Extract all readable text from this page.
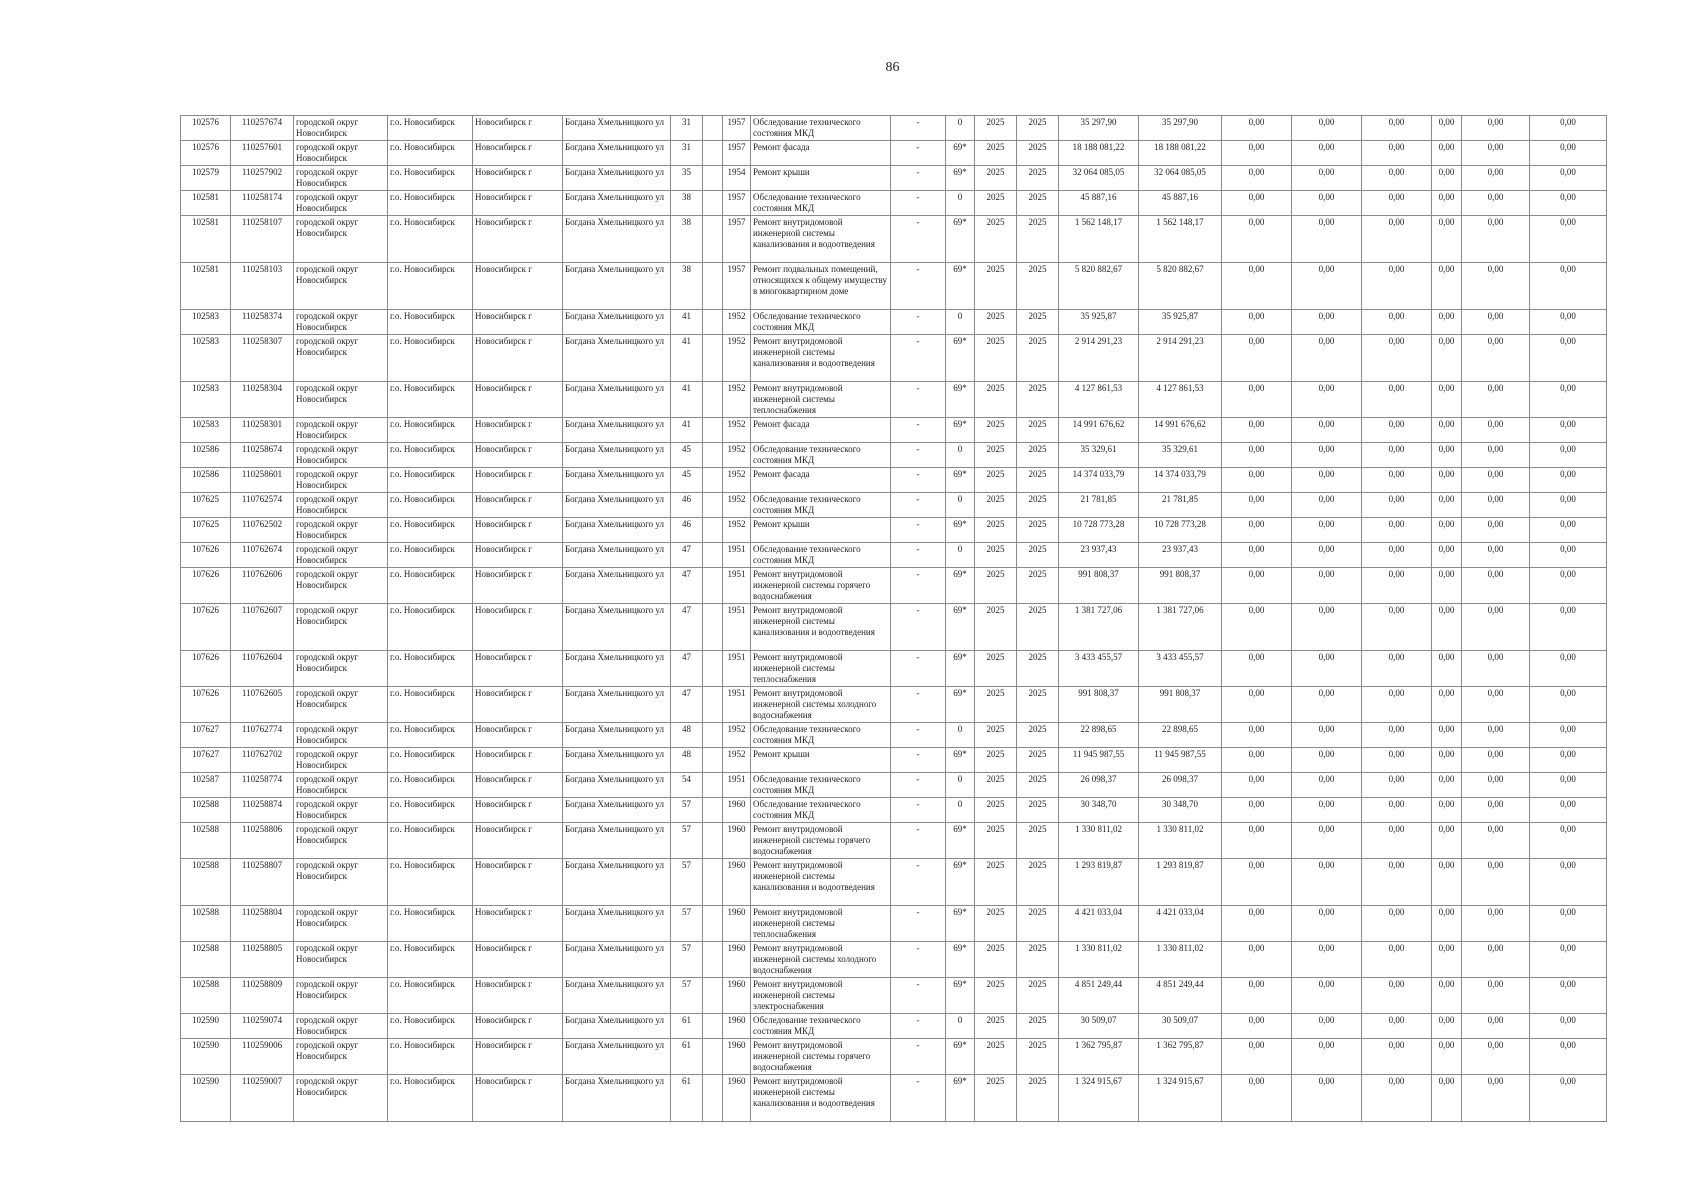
86
102576	110257674	городской округ Новосибирск	г.о. Новосибирск	Новосибирск г	Богдана Хмельницкого ул	31		1957	Обследование технического состояния МКД	-	0	2025	2025	35 297,90	35 297,90	0,00	0,00	0,00	0,00	0,00	0,00
102576	110257601	городской округ Новосибирск	г.о. Новосибирск	Новосибирск г	Богдана Хмельницкого ул	31		1957	Ремонт фасада	-	69*	2025	2025	18 188 081,22	18 188 081,22	0,00	0,00	0,00	0,00	0,00	0,00
102579	110257902	городской округ Новосибирск	г.о. Новосибирск	Новосибирск г	Богдана Хмельницкого ул	35		1954	Ремонт крыши	-	69*	2025	2025	32 064 085,05	32 064 085,05	0,00	0,00	0,00	0,00	0,00	0,00
102581	110258174	городской округ Новосибирск	г.о. Новосибирск	Новосибирск г	Богдана Хмельницкого ул	38		1957	Обследование технического состояния МКД	-	0	2025	2025	45 887,16	45 887,16	0,00	0,00	0,00	0,00	0,00	0,00
102581	110258107	городской округ Новосибирск	г.о. Новосибирск	Новосибирск г	Богдана Хмельницкого ул	38		1957	Ремонт внутридомовой инженерной системы канализования и водоотведения	-	69*	2025	2025	1 562 148,17	1 562 148,17	0,00	0,00	0,00	0,00	0,00	0,00
102581	110258103	городской округ Новосибирск	г.о. Новосибирск	Новосибирск г	Богдана Хмельницкого ул	38		1957	Ремонт подвальных помещений, относящихся к общему имуществу в многоквартирном доме	-	69*	2025	2025	5 820 882,67	5 820 882,67	0,00	0,00	0,00	0,00	0,00	0,00
102583	110258374	городской округ Новосибирск	г.о. Новосибирск	Новосибирск г	Богдана Хмельницкого ул	41		1952	Обследование технического состояния МКД	-	0	2025	2025	35 925,87	35 925,87	0,00	0,00	0,00	0,00	0,00	0,00
102583	110258307	городской округ Новосибирск	г.о. Новосибирск	Новосибирск г	Богдана Хмельницкого ул	41		1952	Ремонт внутридомовой инженерной системы канализования и водоотведения	-	69*	2025	2025	2 914 291,23	2 914 291,23	0,00	0,00	0,00	0,00	0,00	0,00
102583	110258304	городской округ Новосибирск	г.о. Новосибирск	Новосибирск г	Богдана Хмельницкого ул	41		1952	Ремонт внутридомовой инженерной системы теплоснабжения	-	69*	2025	2025	4 127 861,53	4 127 861,53	0,00	0,00	0,00	0,00	0,00	0,00
102583	110258301	городской округ Новосибирск	г.о. Новосибирск	Новосибирск г	Богдана Хмельницкого ул	41		1952	Ремонт фасада	-	69*	2025	2025	14 991 676,62	14 991 676,62	0,00	0,00	0,00	0,00	0,00	0,00
102586	110258674	городской округ Новосибирск	г.о. Новосибирск	Новосибирск г	Богдана Хмельницкого ул	45		1952	Обследование технического состояния МКД	-	0	2025	2025	35 329,61	35 329,61	0,00	0,00	0,00	0,00	0,00	0,00
102586	110258601	городской округ Новосибирск	г.о. Новосибирск	Новосибирск г	Богдана Хмельницкого ул	45		1952	Ремонт фасада	-	69*	2025	2025	14 374 033,79	14 374 033,79	0,00	0,00	0,00	0,00	0,00	0,00
107625	110762574	городской округ Новосибирск	г.о. Новосибирск	Новосибирск г	Богдана Хмельницкого ул	46		1952	Обследование технического состояния МКД	-	0	2025	2025	21 781,85	21 781,85	0,00	0,00	0,00	0,00	0,00	0,00
107625	110762502	городской округ Новосибирск	г.о. Новосибирск	Новосибирск г	Богдана Хмельницкого ул	46		1952	Ремонт крыши	-	69*	2025	2025	10 728 773,28	10 728 773,28	0,00	0,00	0,00	0,00	0,00	0,00
107626	110762674	городской округ Новосибирск	г.о. Новосибирск	Новосибирск г	Богдана Хмельницкого ул	47		1951	Обследование технического состояния МКД	-	0	2025	2025	23 937,43	23 937,43	0,00	0,00	0,00	0,00	0,00	0,00
107626	110762606	городской округ Новосибирск	г.о. Новосибирск	Новосибирск г	Богдана Хмельницкого ул	47		1951	Ремонт внутридомовой инженерной системы горячего водоснабжения	-	69*	2025	2025	991 808,37	991 808,37	0,00	0,00	0,00	0,00	0,00	0,00
107626	110762607	городской округ Новосибирск	г.о. Новосибирск	Новосибирск г	Богдана Хмельницкого ул	47		1951	Ремонт внутридомовой инженерной системы канализования и водоотведения	-	69*	2025	2025	1 381 727,06	1 381 727,06	0,00	0,00	0,00	0,00	0,00	0,00
107626	110762604	городской округ Новосибирск	г.о. Новосибирск	Новосибирск г	Богдана Хмельницкого ул	47		1951	Ремонт внутридомовой инженерной системы теплоснабжения	-	69*	2025	2025	3 433 455,57	3 433 455,57	0,00	0,00	0,00	0,00	0,00	0,00
107626	110762605	городской округ Новосибирск	г.о. Новосибирск	Новосибирск г	Богдана Хмельницкого ул	47		1951	Ремонт внутридомовой инженерной системы холодного водоснабжения	-	69*	2025	2025	991 808,37	991 808,37	0,00	0,00	0,00	0,00	0,00	0,00
107627	110762774	городской округ Новосибирск	г.о. Новосибирск	Новосибирск г	Богдана Хмельницкого ул	48		1952	Обследование технического состояния МКД	-	0	2025	2025	22 898,65	22 898,65	0,00	0,00	0,00	0,00	0,00	0,00
107627	110762702	городской округ Новосибирск	г.о. Новосибирск	Новосибирск г	Богдана Хмельницкого ул	48		1952	Ремонт крыши	-	69*	2025	2025	11 945 987,55	11 945 987,55	0,00	0,00	0,00	0,00	0,00	0,00
102587	110258774	городской округ Новосибирск	г.о. Новосибирск	Новосибирск г	Богдана Хмельницкого ул	54		1951	Обследование технического состояния МКД	-	0	2025	2025	26 098,37	26 098,37	0,00	0,00	0,00	0,00	0,00	0,00
102588	110258874	городской округ Новосибирск	г.о. Новосибирск	Новосибирск г	Богдана Хмельницкого ул	57		1960	Обследование технического состояния МКД	-	0	2025	2025	30 348,70	30 348,70	0,00	0,00	0,00	0,00	0,00	0,00
102588	110258806	городской округ Новосибирск	г.о. Новосибирск	Новосибирск г	Богдана Хмельницкого ул	57		1960	Ремонт внутридомовой инженерной системы горячего водоснабжения	-	69*	2025	2025	1 330 811,02	1 330 811,02	0,00	0,00	0,00	0,00	0,00	0,00
102588	110258807	городской округ Новосибирск	г.о. Новосибирск	Новосибирск г	Богдана Хмельницкого ул	57		1960	Ремонт внутридомовой инженерной системы канализования и водоотведения	-	69*	2025	2025	1 293 819,87	1 293 819,87	0,00	0,00	0,00	0,00	0,00	0,00
102588	110258804	городской округ Новосибирск	г.о. Новосибирск	Новосибирск г	Богдана Хмельницкого ул	57		1960	Ремонт внутридомовой инженерной системы теплоснабжения	-	69*	2025	2025	4 421 033,04	4 421 033,04	0,00	0,00	0,00	0,00	0,00	0,00
102588	110258805	городской округ Новосибирск	г.о. Новосибирск	Новосибирск г	Богдана Хмельницкого ул	57		1960	Ремонт внутридомовой инженерной системы холодного водоснабжения	-	69*	2025	2025	1 330 811,02	1 330 811,02	0,00	0,00	0,00	0,00	0,00	0,00
102588	110258809	городской округ Новосибирск	г.о. Новосибирск	Новосибирск г	Богдана Хмельницкого ул	57		1960	Ремонт внутридомовой инженерной системы электроснабжения	-	69*	2025	2025	4 851 249,44	4 851 249,44	0,00	0,00	0,00	0,00	0,00	0,00
102590	110259074	городской округ Новосибирск	г.о. Новосибирск	Новосибирск г	Богдана Хмельницкого ул	61		1960	Обследование технического состояния МКД	-	0	2025	2025	30 509,07	30 509,07	0,00	0,00	0,00	0,00	0,00	0,00
102590	110259006	городской округ Новосибирск	г.о. Новосибирск	Новосибирск г	Богдана Хмельницкого ул	61		1960	Ремонт внутридомовой инженерной системы горячего водоснабжения	-	69*	2025	2025	1 362 795,87	1 362 795,87	0,00	0,00	0,00	0,00	0,00	0,00
102590	110259007	городской округ Новосибирск	г.о. Новосибирск	Новосибирск г	Богдана Хмельницкого ул	61		1960	Ремонт внутридомовой инженерной системы канализования и водоотведения	-	69*	2025	2025	1 324 915,67	1 324 915,67	0,00	0,00	0,00	0,00	0,00	0,00
